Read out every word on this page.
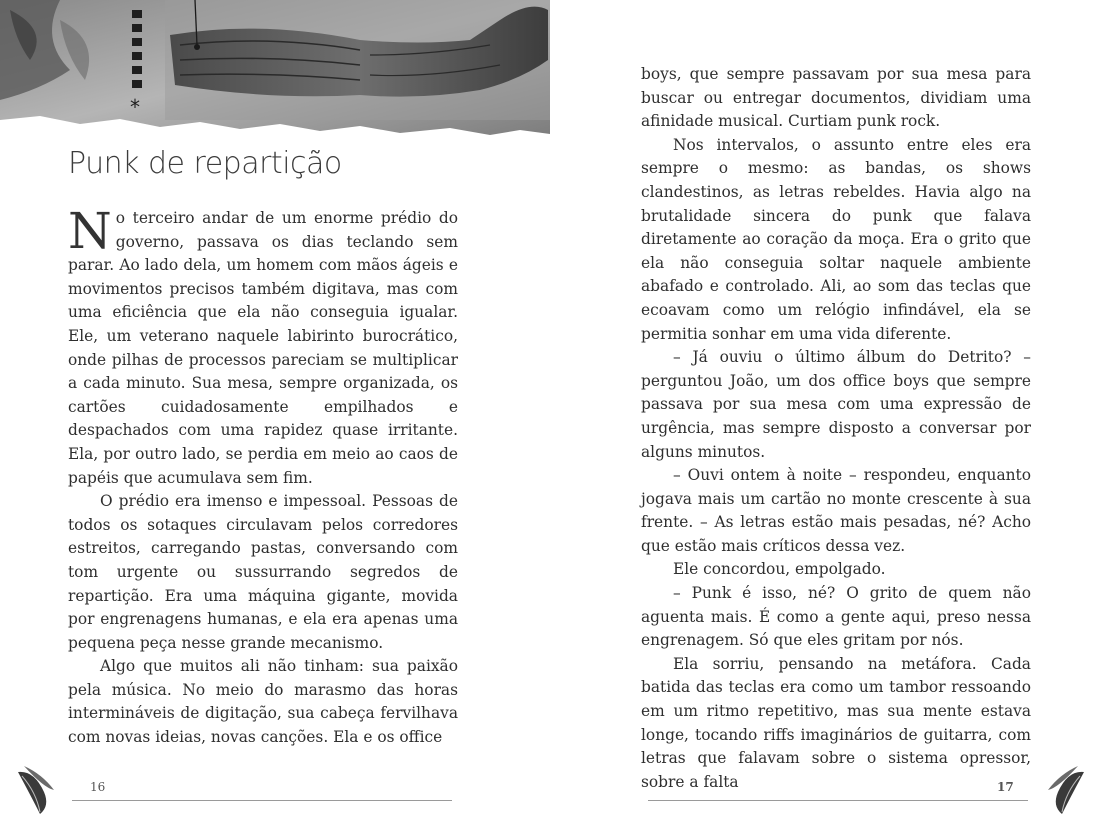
*
Punk de repartição

No terceiro andar de um enorme prédio do governo, passava os dias teclando sem parar. Ao lado dela, um homem com mãos ágeis e movimentos precisos também digitava, mas com uma eficiência que ela não conseguia igualar. Ele, um veterano naquele labirinto burocrático, onde pilhas de processos pareciam se multiplicar a cada minuto. Sua mesa, sempre organizada, os cartões cuidadosamente empilhados e despachados com uma rapidez quase irritante. Ela, por outro lado, se perdia em meio ao caos de papéis que acumulava sem fim.

O prédio era imenso e impessoal. Pessoas de todos os sotaques circulavam pelos corredores estreitos, carregando pastas, conversando com tom urgente ou sussurrando segredos de repartição. Era uma máquina gigante, movida por engrenagens humanas, e ela era apenas uma pequena peça nesse grande mecanismo.

Algo que muitos ali não tinham: sua paixão pela música. No meio do marasmo das horas intermináveis de digitação, sua cabeça fervilhava com novas ideias, novas canções. Ela e os office

16

boys, que sempre passavam por sua mesa para buscar ou entregar documentos, dividiam uma afinidade musical. Curtiam punk rock.

Nos intervalos, o assunto entre eles era sempre o mesmo: as bandas, os shows clandestinos, as letras rebeldes. Havia algo na brutalidade sincera do punk que falava diretamente ao coração da moça. Era o grito que ela não conseguia soltar naquele ambiente abafado e controlado. Ali, ao som das teclas que ecoavam como um relógio infindável, ela se permitia sonhar em uma vida diferente.

– Já ouviu o último álbum do Detrito? – perguntou João, um dos office boys que sempre passava por sua mesa com uma expressão de urgência, mas sempre disposto a conversar por alguns minutos.

– Ouvi ontem à noite – respondeu, enquanto jogava mais um cartão no monte crescente à sua frente. – As letras estão mais pesadas, né? Acho que estão mais críticos dessa vez.

Ele concordou, empolgado.

– Punk é isso, né? O grito de quem não aguenta mais. É como a gente aqui, preso nessa engrenagem. Só que eles gritam por nós.

Ela sorriu, pensando na metáfora. Cada batida das teclas era como um tambor ressoando em um ritmo repetitivo, mas sua mente estava longe, tocando riffs imaginários de guitarra, com letras que falavam sobre o sistema opressor, sobre a falta	17
